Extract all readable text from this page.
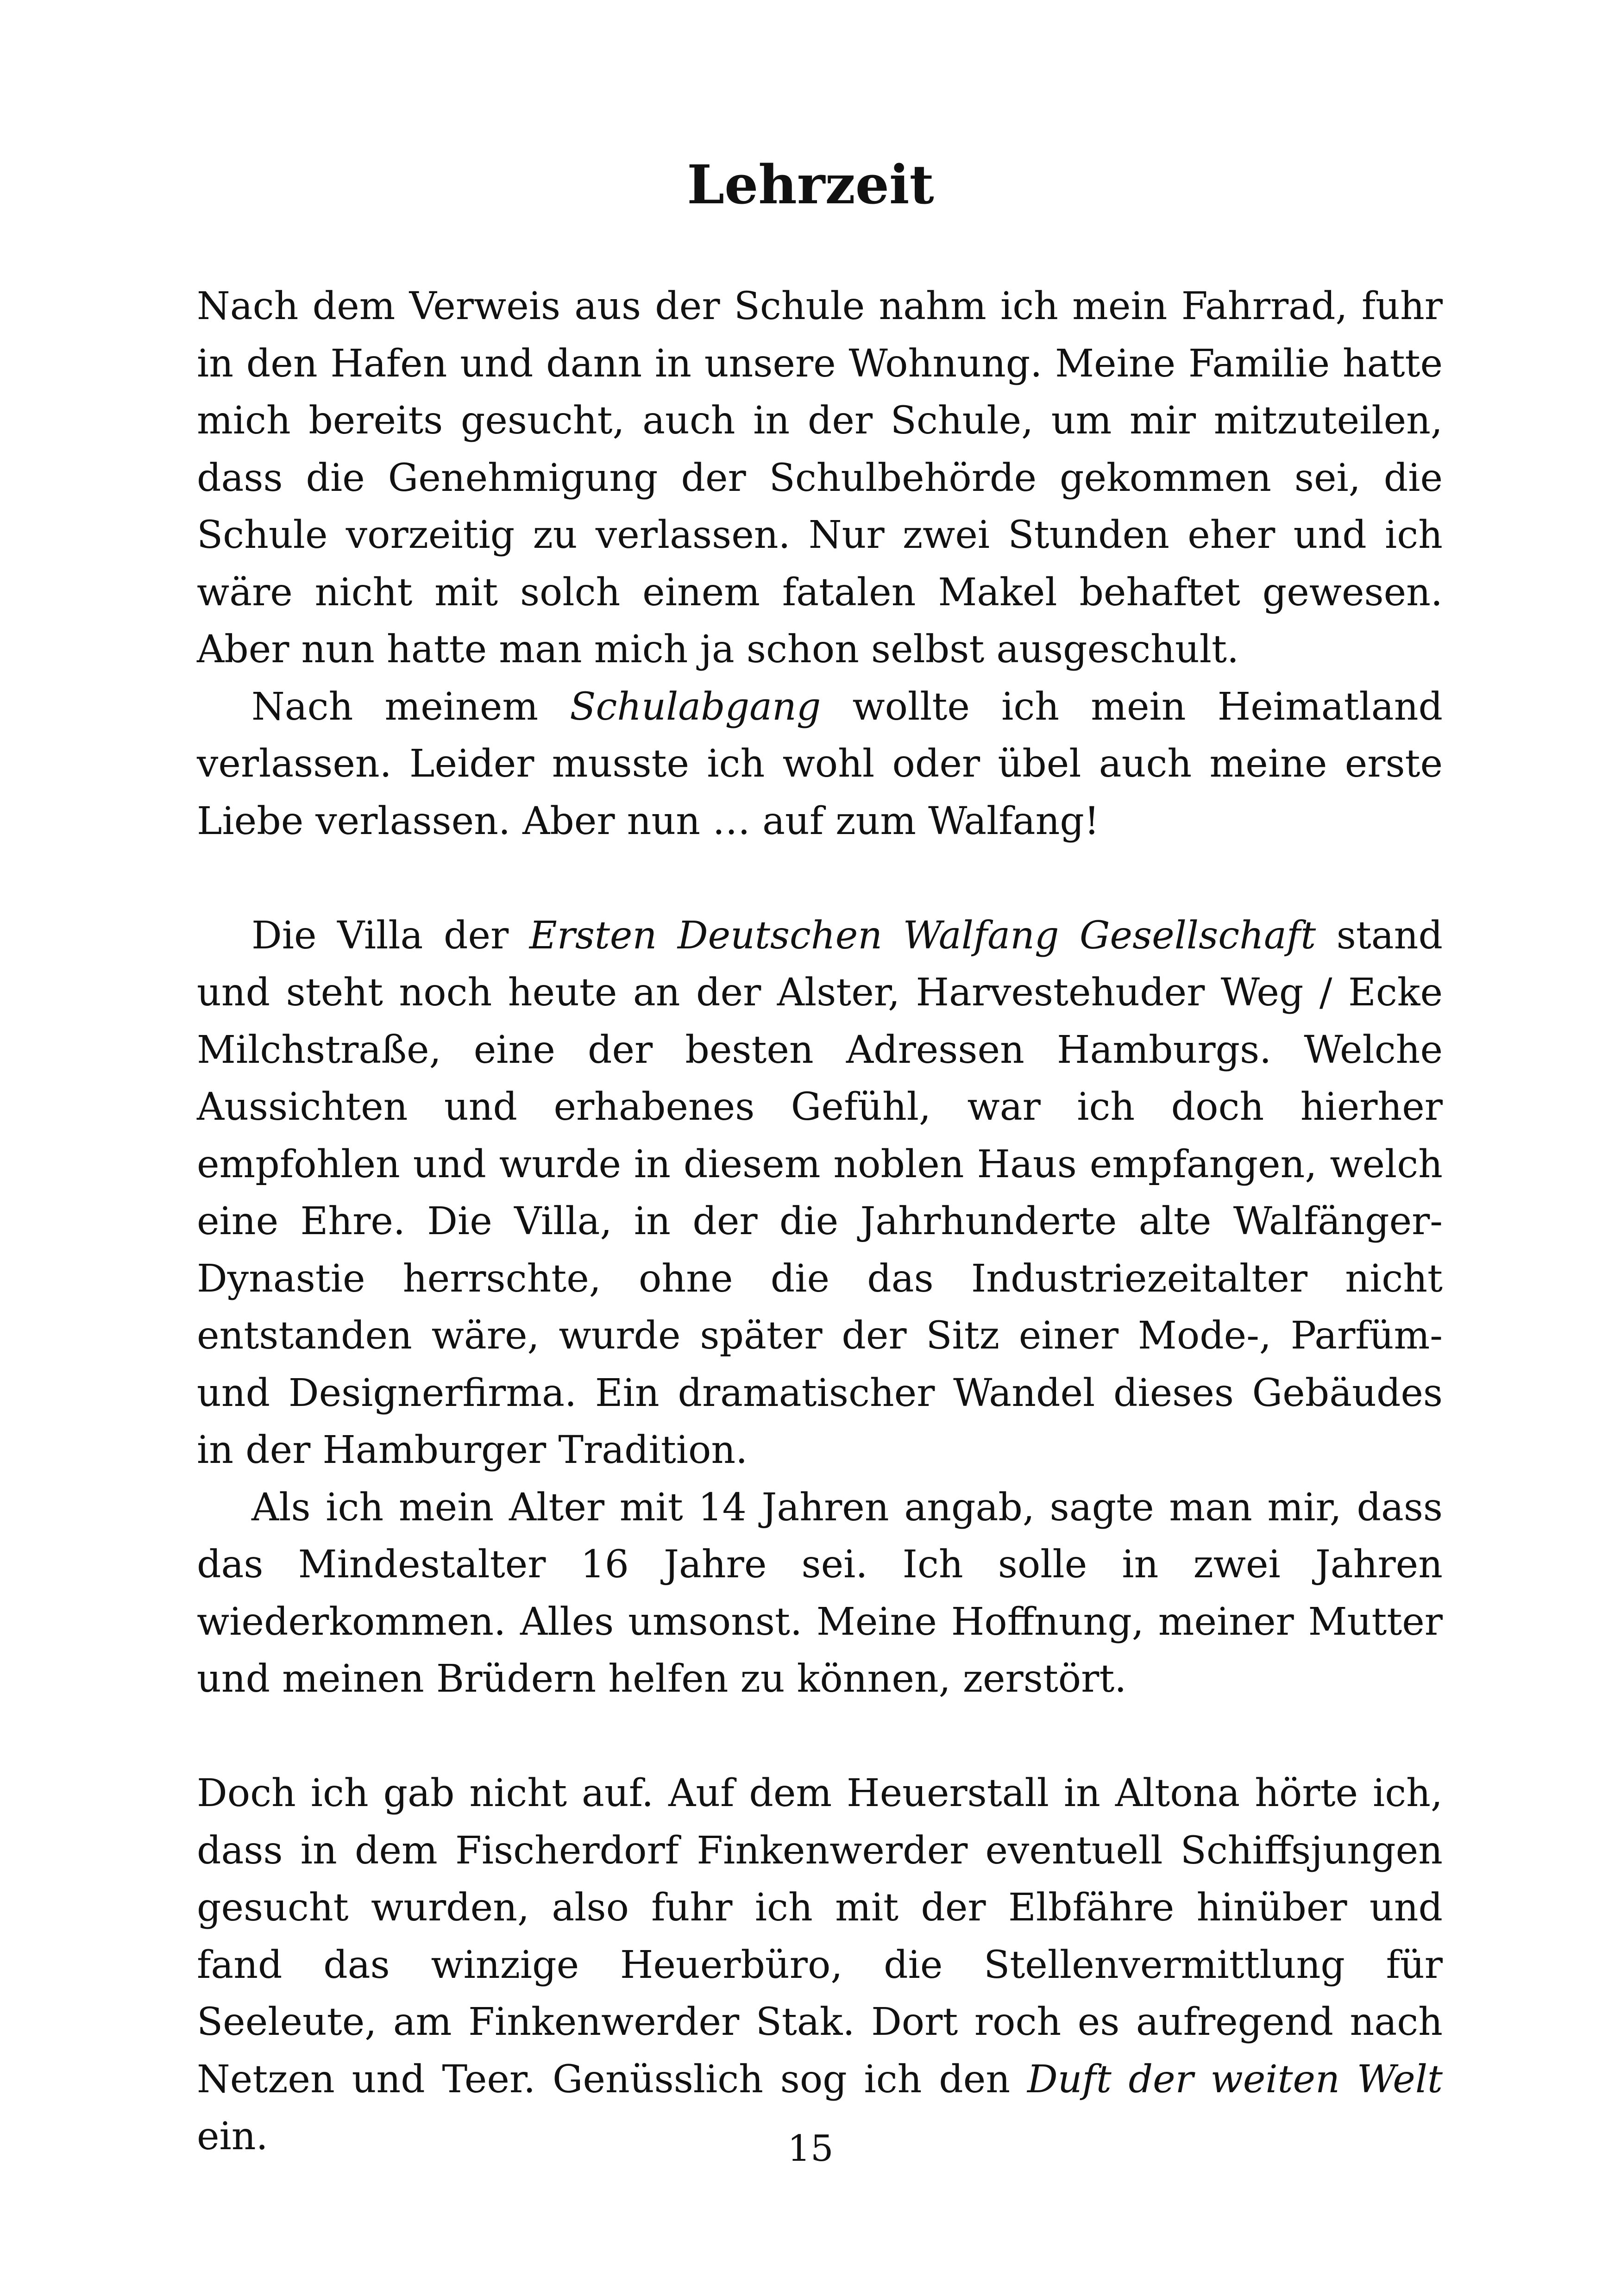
Lehrzeit

Nach dem Verweis aus der Schule nahm ich mein Fahrrad, fuhr in den Hafen und dann in unsere Wohnung. Meine Familie hatte mich bereits gesucht, auch in der Schule, um mir mitzuteilen, dass die Genehmigung der Schulbehörde gekommen sei, die Schule vorzeitig zu verlassen. Nur zwei Stunden eher und ich wäre nicht mit solch einem fatalen Makel behaftet gewesen. Aber nun hatte man mich ja schon selbst ausgeschult.

Nach meinem Schulabgang wollte ich mein Heimatland verlassen. Leider musste ich wohl oder übel auch meine erste Liebe verlassen. Aber nun … auf zum Walfang!

Die Villa der Ersten Deutschen Walfang Gesellschaft stand und steht noch heute an der Alster, Harvestehuder Weg / Ecke Milchstraße, eine der besten Adressen Hamburgs. Welche Aussichten und erhabenes Gefühl, war ich doch hierher empfohlen und wurde in diesem noblen Haus empfangen, welch eine Ehre. Die Villa, in der die Jahrhunderte alte Walfänger-Dynastie herrschte, ohne die das Industriezeitalter nicht entstanden wäre, wurde später der Sitz einer Mode-, Parfüm- und Designerfirma. Ein dramatischer Wandel dieses Gebäudes in der Hamburger Tradition.

Als ich mein Alter mit 14 Jahren angab, sagte man mir, dass das Mindestalter 16 Jahre sei. Ich solle in zwei Jahren wiederkommen. Alles umsonst. Meine Hoffnung, meiner Mutter und meinen Brüdern helfen zu können, zerstört.

Doch ich gab nicht auf. Auf dem Heuerstall in Altona hörte ich, dass in dem Fischerdorf Finkenwerder eventuell Schiffsjungen gesucht wurden, also fuhr ich mit der Elbfähre hinüber und fand das winzige Heuerbüro, die Stellenvermittlung für Seeleute, am Finkenwerder Stak. Dort roch es aufregend nach Netzen und Teer. Genüsslich sog ich den Duft der weiten Welt ein.	15
